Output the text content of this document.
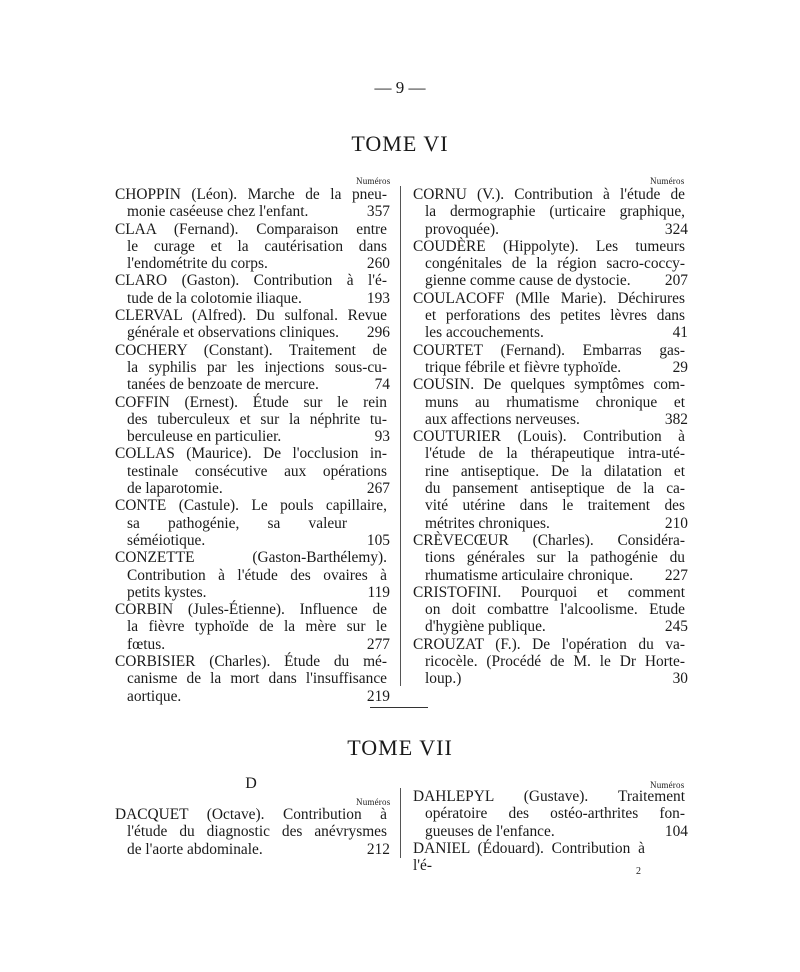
— 9 —
TOME VI
Numéros	Numéros
CHOPPIN (Léon). Marche de la pneu-
monie caséeuse chez l'enfant.	357
CLAA (Fernand). Comparaison entre
le curage et la cautérisation dans
l'endométrite du corps.	260
CLARO (Gaston). Contribution à l'é-
tude de la colotomie iliaque.	193
CLERVAL (Alfred). Du sulfonal. Revue
générale et observations cliniques.	296
COCHERY (Constant). Traitement de
la syphilis par les injections sous-cu-
tanées de benzoate de mercure.	74
COFFIN (Ernest). Étude sur le rein
des tuberculeux et sur la néphrite tu-
berculeuse en particulier.	93
COLLAS (Maurice). De l'occlusion in-
testinale consécutive aux opérations
de laparotomie.	267
CONTE (Castule). Le pouls capillaire,
sa pathogénie, sa valeur séméiotique.	105
CONZETTE (Gaston-Barthélemy).
Contribution à l'étude des ovaires à
petits kystes.	119
CORBIN (Jules-Étienne). Influence de
la fièvre typhoïde de la mère sur le
fœtus.	277
CORBISIER (Charles). Étude du mé-
canisme de la mort dans l'insuffisance
aortique.	219
CORNU (V.). Contribution à l'étude de
la dermographie (urticaire graphique,
provoquée).	324
COUDÈRE (Hippolyte). Les tumeurs
congénitales de la région sacro-coccy-
gienne comme cause de dystocie.	207
COULACOFF (Mlle Marie). Déchirures
et perforations des petites lèvres dans
les accouchements.	41
COURTET (Fernand). Embarras gas-
trique fébrile et fièvre typhoïde.	29
COUSIN. De quelques symptômes com-
muns au rhumatisme chronique et
aux affections nerveuses.	382
COUTURIER (Louis). Contribution à
l'étude de la thérapeutique intra-uté-
rine antiseptique. De la dilatation et
du pansement antiseptique de la ca-
vité utérine dans le traitement des
métrites chroniques.	210
CRÈVECŒUR (Charles). Considéra-
tions générales sur la pathogénie du
rhumatisme articulaire chronique.	227
CRISTOFINI. Pourquoi et comment
on doit combattre l'alcoolisme. Etude
d'hygiène publique.	245
CROUZAT (F.). De l'opération du va-
ricocèle. (Procédé de M. le Dr Horte-
loup.)	30
TOME VII
D
Numéros
Numéros
DACQUET (Octave). Contribution à
l'étude du diagnostic des anévrysmes
de l'aorte abdominale.	212
DAHLEPYL (Gustave). Traitement
opératoire des ostéo-arthrites fon-
gueuses de l'enfance.	104
DANIEL (Édouard). Contribution à l'é-	2
